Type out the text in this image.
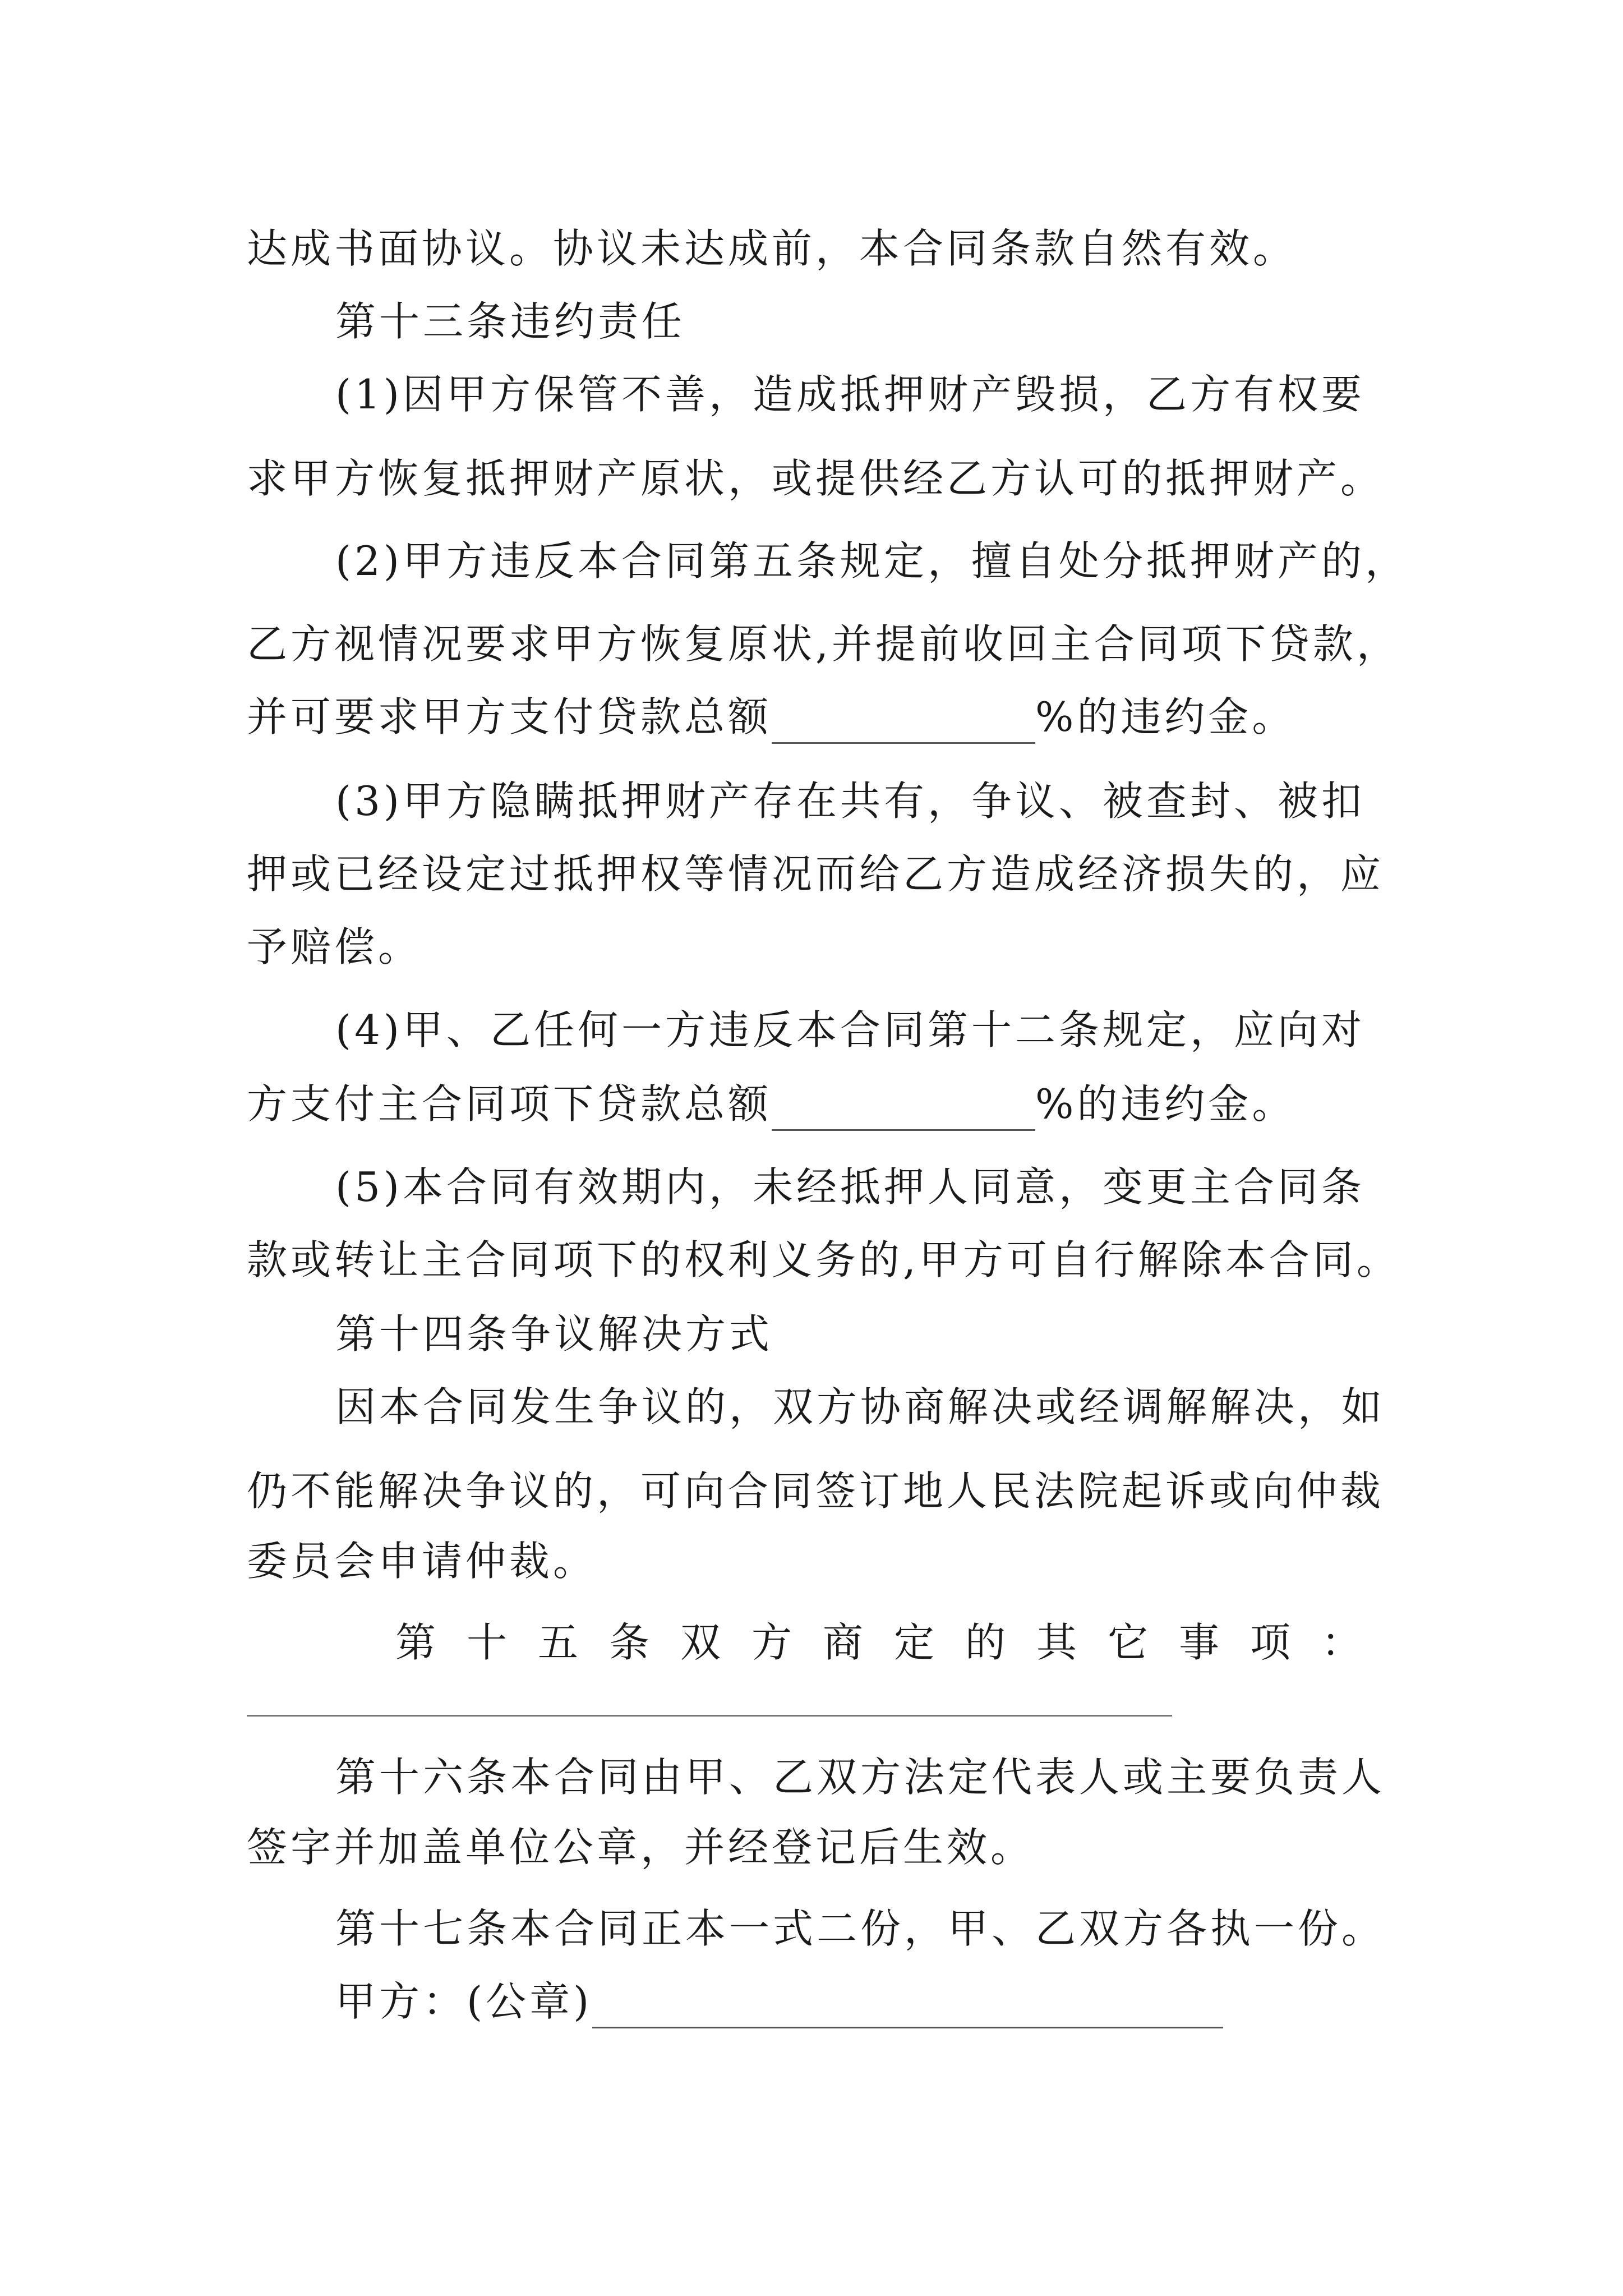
达成书面协议。协议未达成前，本合同条款自然有效。
第十三条违约责任
(1)因甲方保管不善，造成抵押财产毁损，乙方有权要
求甲方恢复抵押财产原状，或提供经乙方认可的抵押财产。
(2)甲方违反本合同第五条规定，擅自处分抵押财产的，
乙方视情况要求甲方恢复原状,并提前收回主合同项下贷款，
并可要求甲方支付贷款总额	%的违约金。
(3)甲方隐瞒抵押财产存在共有，争议、被查封、被扣
押或已经设定过抵押权等情况而给乙方造成经济损失的，应
予赔偿。
(4)甲、乙任何一方违反本合同第十二条规定，应向对
方支付主合同项下贷款总额	%的违约金。
(5)本合同有效期内，未经抵押人同意，变更主合同条
款或转让主合同项下的权利义务的,甲方可自行解除本合同。
第十四条争议解决方式
因本合同发生争议的，双方协商解决或经调解解决，如
仍不能解决争议的，可向合同签订地人民法院起诉或向仲裁
委员会申请仲裁。
第十五条双方商定的其它事项：
第十六条本合同由甲、乙双方法定代表人或主要负责人
签字并加盖单位公章，并经登记后生效。
第十七条本合同正本一式二份，甲、乙双方各执一份。
甲方：(公章)
